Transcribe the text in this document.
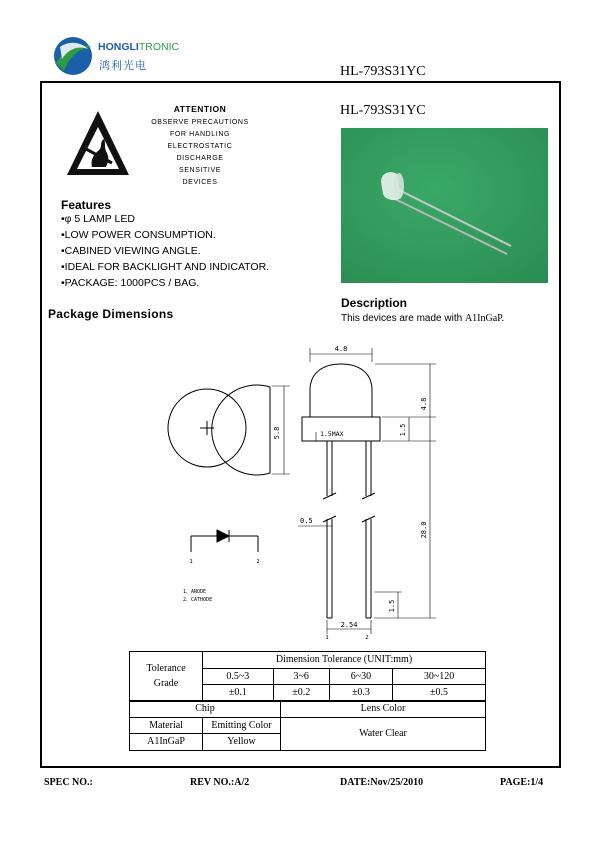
HONGLITRONIC
鸿利光电	HL-793S31YC
ATTENTION
OBSERVE PRECAUTIONS
FOR HANDLING
ELECTROSTATIC
DISCHARGE
SENSITIVE
DEVICES
HL-793S31YC
Features
•φ 5 LAMP LED
•LOW POWER CONSUMPTION.
•CABINED VIEWING ANGLE.
•IDEAL FOR BACKLIGHT AND INDICATOR.
•PACKAGE: 1000PCS / BAG.
Description
This devices are made with A1InGaP.
Package Dimensions
5.8
4.8
4.8
1.5
1.5MAX
0.5
28.0
1.5
2.54
1	2
1	2
1、ANODE
2、CATHODE
Tolerance
Grade	Dimension Tolerance (UNIT:mm)			
	0.5~3	3~6	6~30	30~120
	±0.1	±0.2	±0.3	±0.5
Chip		Lens Color
Material	Emitting Color	Water Clear
A1InGaP	Yellow	
SPEC NO.:	REV NO.:A/2	DATE:Nov/25/2010	PAGE:1/4
